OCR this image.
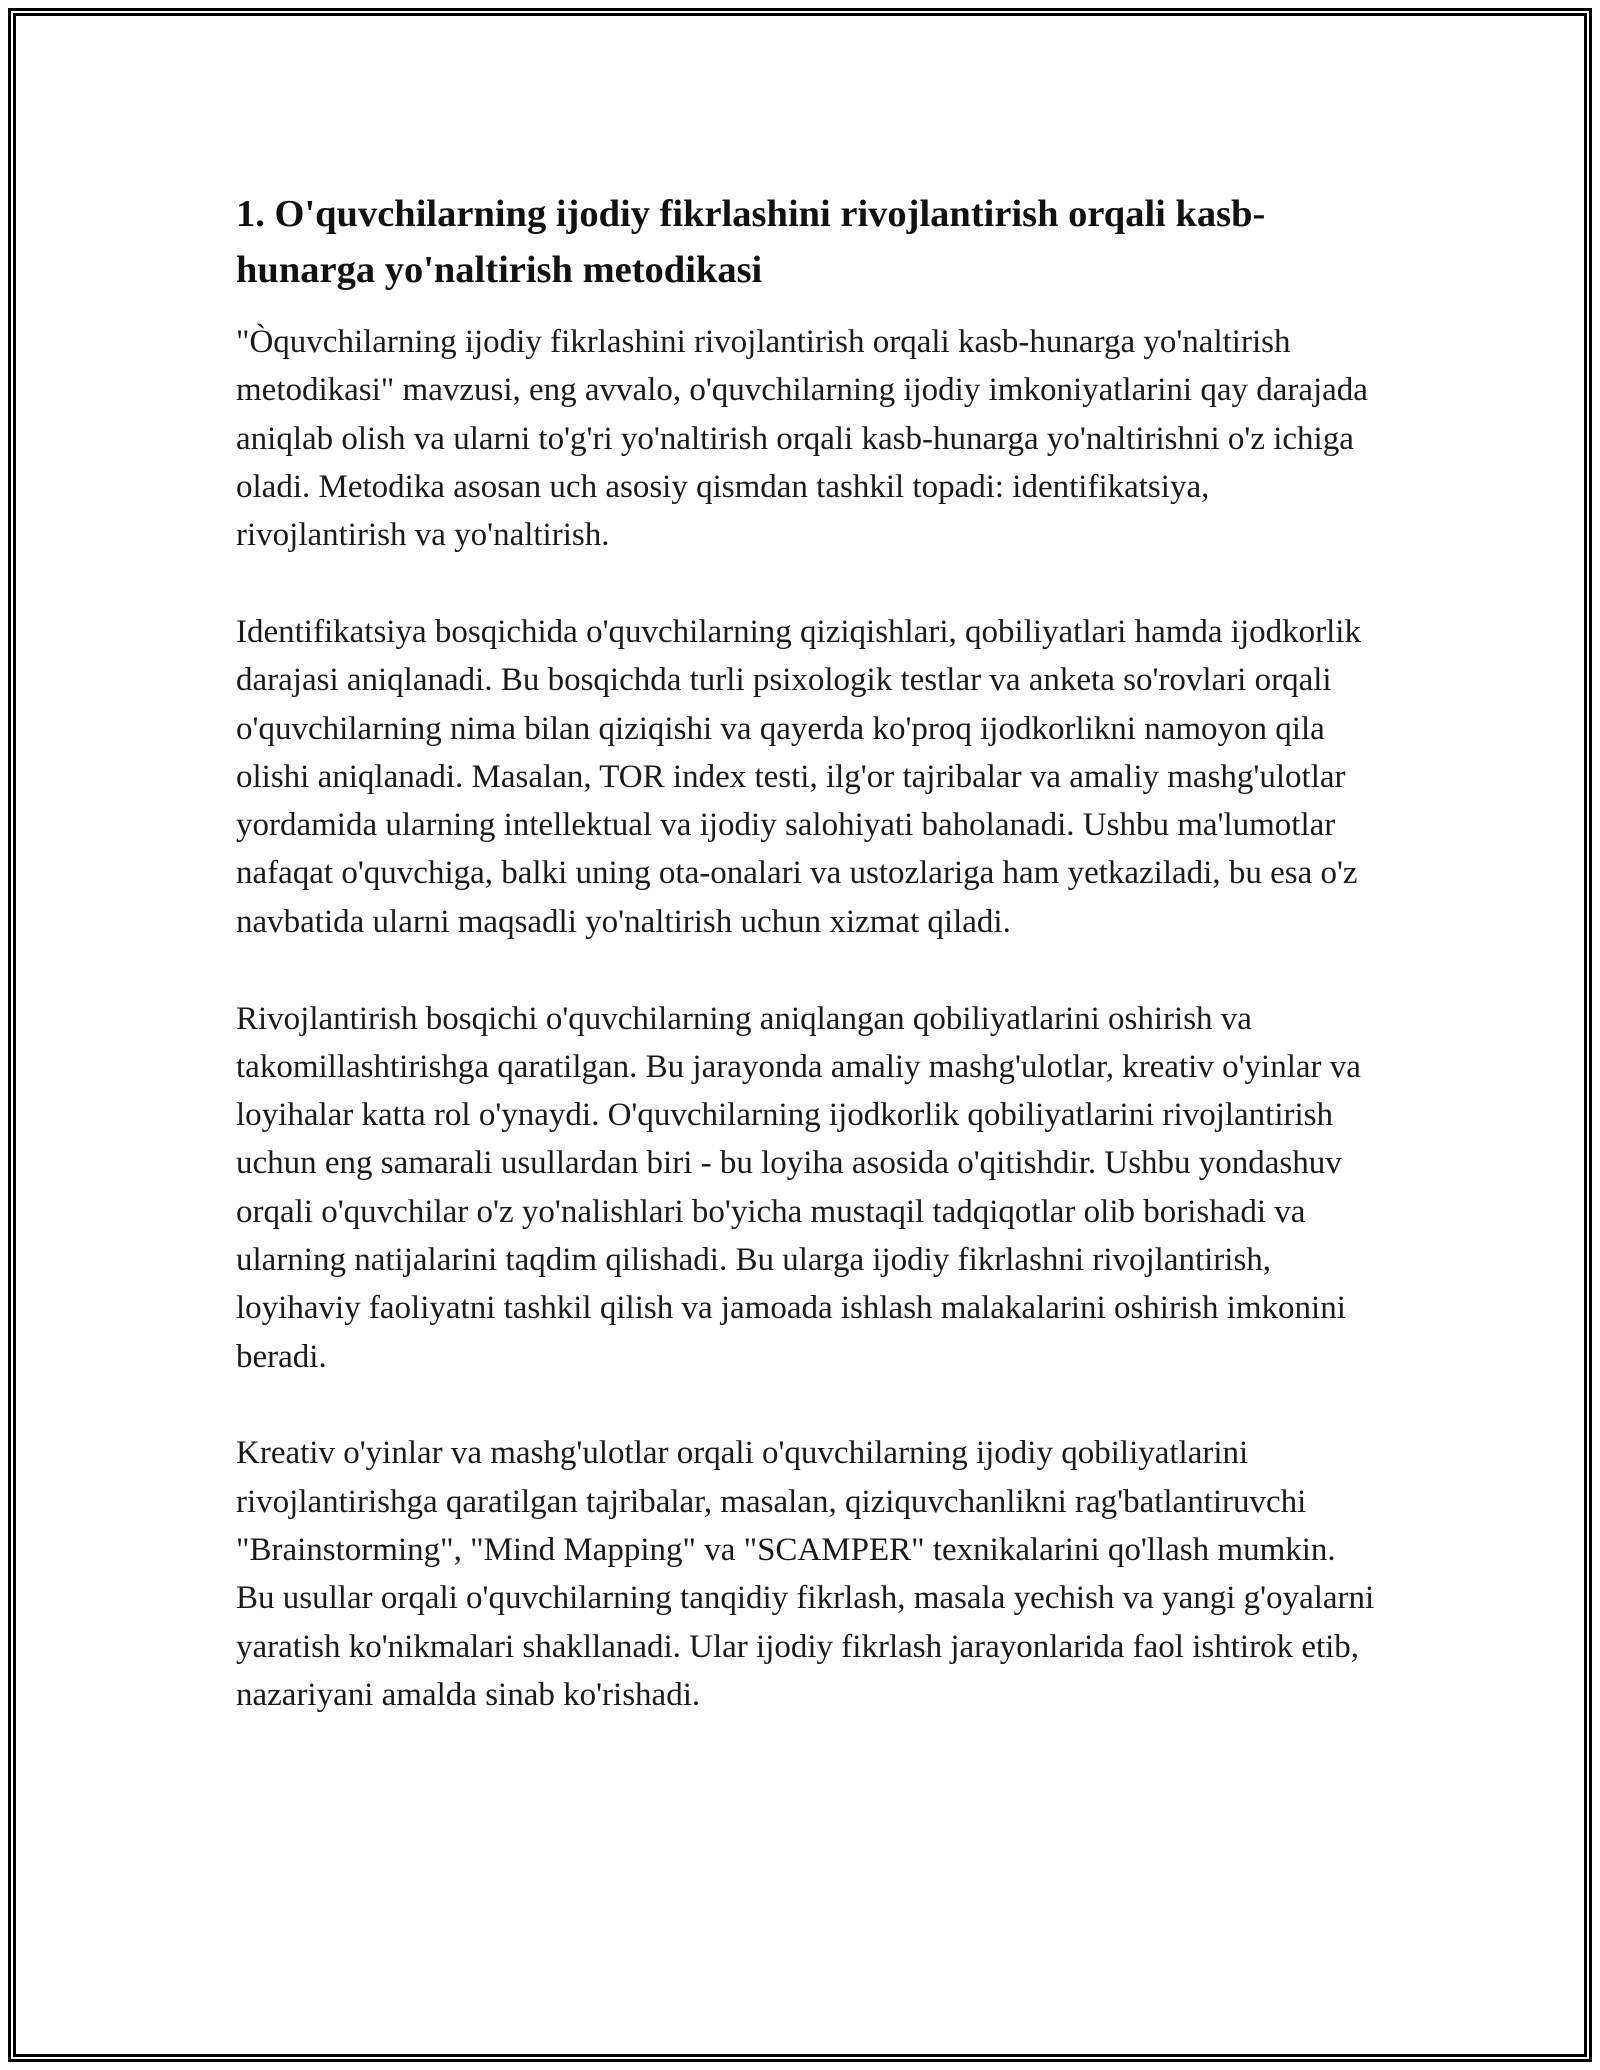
1. O'quvchilarning ijodiy fikrlashini rivojlantirish orqali kasb-hunarga yo'naltirish metodikasi

"Òquvchilarning ijodiy fikrlashini rivojlantirish orqali kasb-hunarga yo'naltirish metodikasi" mavzusi, eng avvalo, o'quvchilarning ijodiy imkoniyatlarini qay darajada aniqlab olish va ularni to'g'ri yo'naltirish orqali kasb-hunarga yo'naltirishni o'z ichiga oladi. Metodika asosan uch asosiy qismdan tashkil topadi: identifikatsiya, rivojlantirish va yo'naltirish.

Identifikatsiya bosqichida o'quvchilarning qiziqishlari, qobiliyatlari hamda ijodkorlik darajasi aniqlanadi. Bu bosqichda turli psixologik testlar va anketa so'rovlari orqali o'quvchilarning nima bilan qiziqishi va qayerda ko'proq ijodkorlikni namoyon qila olishi aniqlanadi. Masalan, TOR index testi, ilg'or tajribalar va amaliy mashg'ulotlar yordamida ularning intellektual va ijodiy salohiyati baholanadi. Ushbu ma'lumotlar nafaqat o'quvchiga, balki uning ota-onalari va ustozlariga ham yetkaziladi, bu esa o'z navbatida ularni maqsadli yo'naltirish uchun xizmat qiladi.

Rivojlantirish bosqichi o'quvchilarning aniqlangan qobiliyatlarini oshirish va takomillashtirishga qaratilgan. Bu jarayonda amaliy mashg'ulotlar, kreativ o'yinlar va loyihalar katta rol o'ynaydi. O'quvchilarning ijodkorlik qobiliyatlarini rivojlantirish uchun eng samarali usullardan biri - bu loyiha asosida o'qitishdir. Ushbu yondashuv orqali o'quvchilar o'z yo'nalishlari bo'yicha mustaqil tadqiqotlar olib borishadi va ularning natijalarini taqdim qilishadi. Bu ularga ijodiy fikrlashni rivojlantirish, loyihaviy faoliyatni tashkil qilish va jamoada ishlash malakalarini oshirish imkonini beradi.

Kreativ o'yinlar va mashg'ulotlar orqali o'quvchilarning ijodiy qobiliyatlarini rivojlantirishga qaratilgan tajribalar, masalan, qiziquvchanlikni rag'batlantiruvchi "Brainstorming", "Mind Mapping" va "SCAMPER" texnikalarini qo'llash mumkin. Bu usullar orqali o'quvchilarning tanqidiy fikrlash, masala yechish va yangi g'oyalarni yaratish ko'nikmalari shakllanadi. Ular ijodiy fikrlash jarayonlarida faol ishtirok etib, nazariyani amalda sinab ko'rishadi.
